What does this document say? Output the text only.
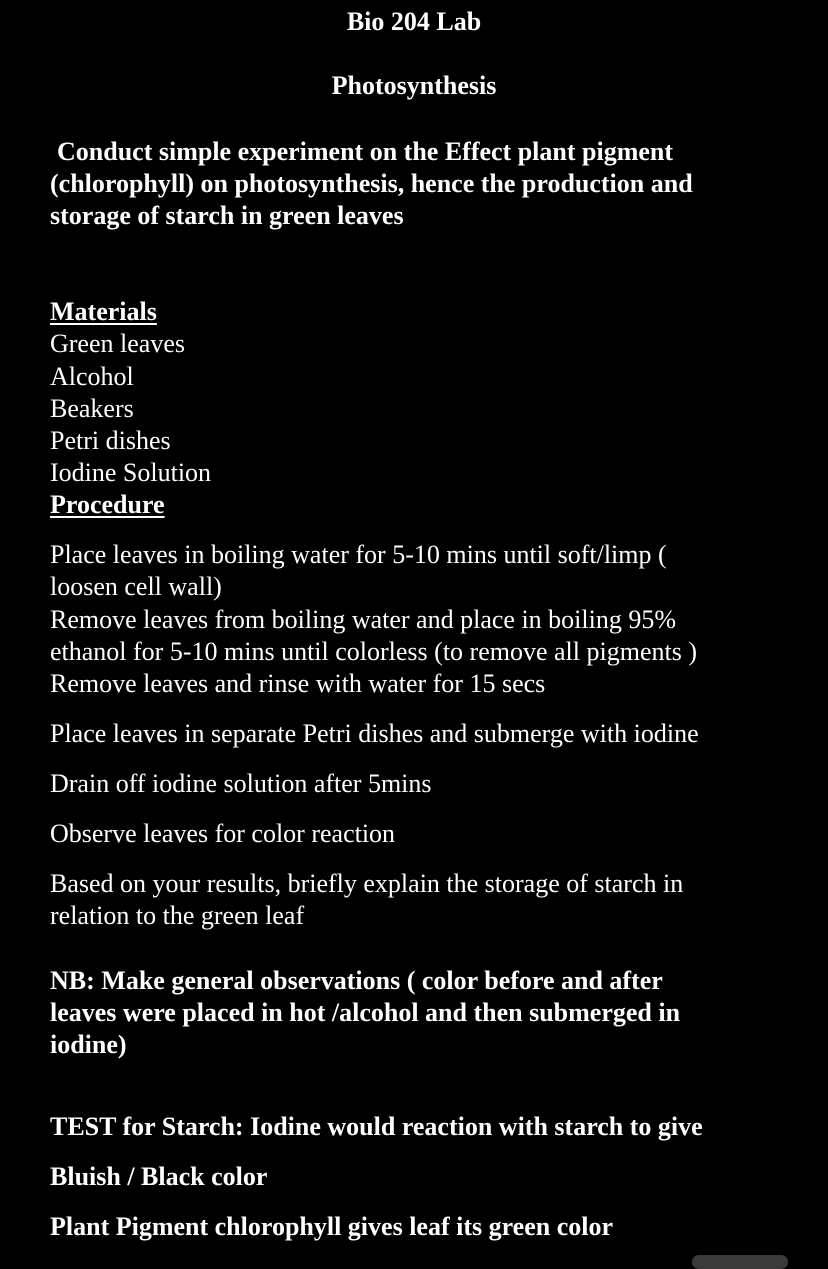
Bio 204 Lab

Photosynthesis

Conduct simple experiment on the Effect plant pigment

(chlorophyll) on photosynthesis, hence the production and

storage of starch in green leaves

Materials

Green leaves

Alcohol

Beakers

Petri dishes

Iodine Solution

Procedure

Place leaves in boiling water for 5-10 mins until soft/limp (

loosen cell wall)

Remove leaves from boiling water and place in boiling 95%

ethanol for 5-10 mins until colorless (to remove all pigments )

Remove leaves and rinse with water for 15 secs

Place leaves in separate Petri dishes and submerge with iodine

Drain off iodine solution after 5mins

Observe leaves for color reaction

Based on your results, briefly explain the storage of starch in

relation to the green leaf

NB: Make general observations ( color before and after

leaves were placed in hot /alcohol and then submerged in

iodine)

TEST for Starch: Iodine would reaction with starch to give

Bluish / Black color

Plant Pigment chlorophyll gives leaf its green color
